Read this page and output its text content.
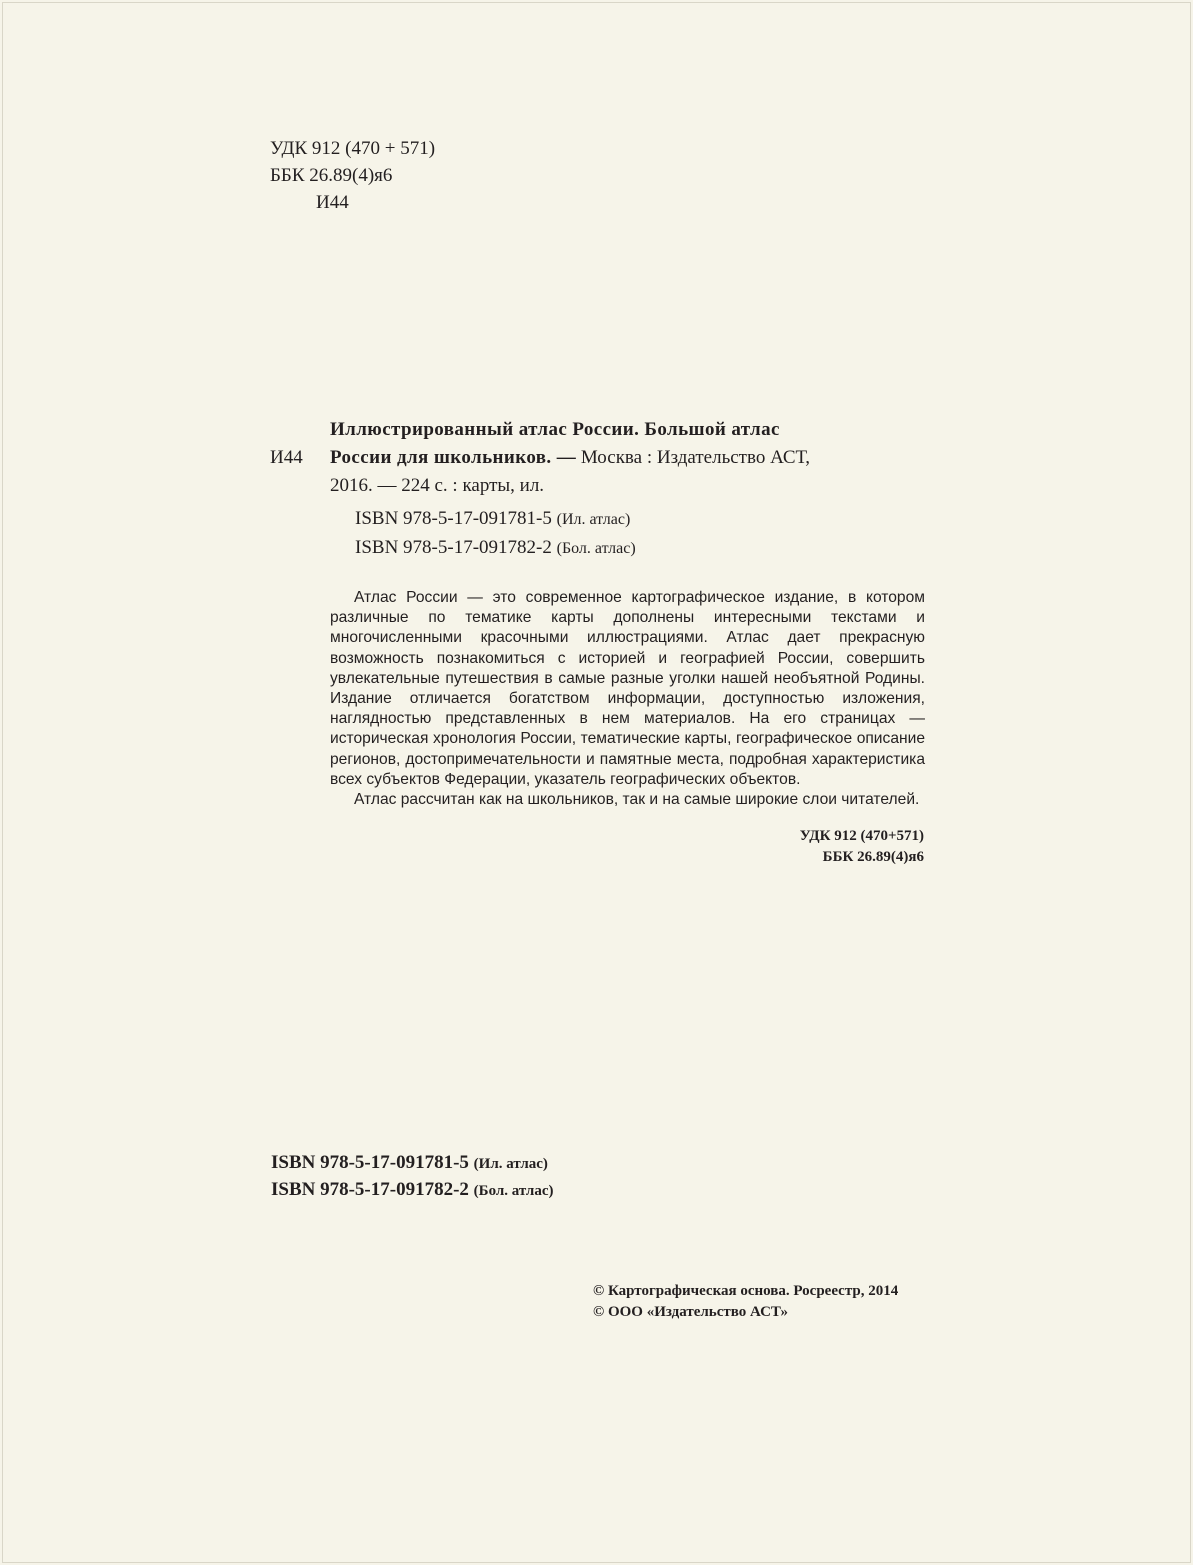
УДК 912 (470 + 571)
ББК 26.89(4)я6
И44
Иллюстрированный атлас России. Большой атлас
И44	России для школьников. — Москва : Издательство АСТ,
2016. — 224 с. : карты, ил.
ISBN 978-5-17-091781-5 (Ил. атлас)
ISBN 978-5-17-091782-2 (Бол. атлас)

Атлас России — это современное картографическое издание, в котором различные по тематике карты дополнены интересными текстами и многочисленными красочными иллюстрациями. Атлас дает прекрасную возможность познакомиться с историей и географией России, совершить увлекательные путешествия в самые разные уголки нашей необъятной Родины. Издание отличается богатством информации, доступностью изложения, наглядностью представленных в нем материалов. На его страницах — историческая хронология России, тематические карты, географическое описание регионов, достопримечательности и памятные места, подробная характеристика всех субъектов Федерации, указатель географических объектов.

Атлас рассчитан как на школьников, так и на самые широкие слои читателей.

УДК 912 (470+571)
ББК 26.89(4)я6
ISBN 978-5-17-091781-5 (Ил. атлас)
ISBN 978-5-17-091782-2 (Бол. атлас)
© Картографическая основа. Росреестр, 2014
© ООО «Издательство АСТ»
